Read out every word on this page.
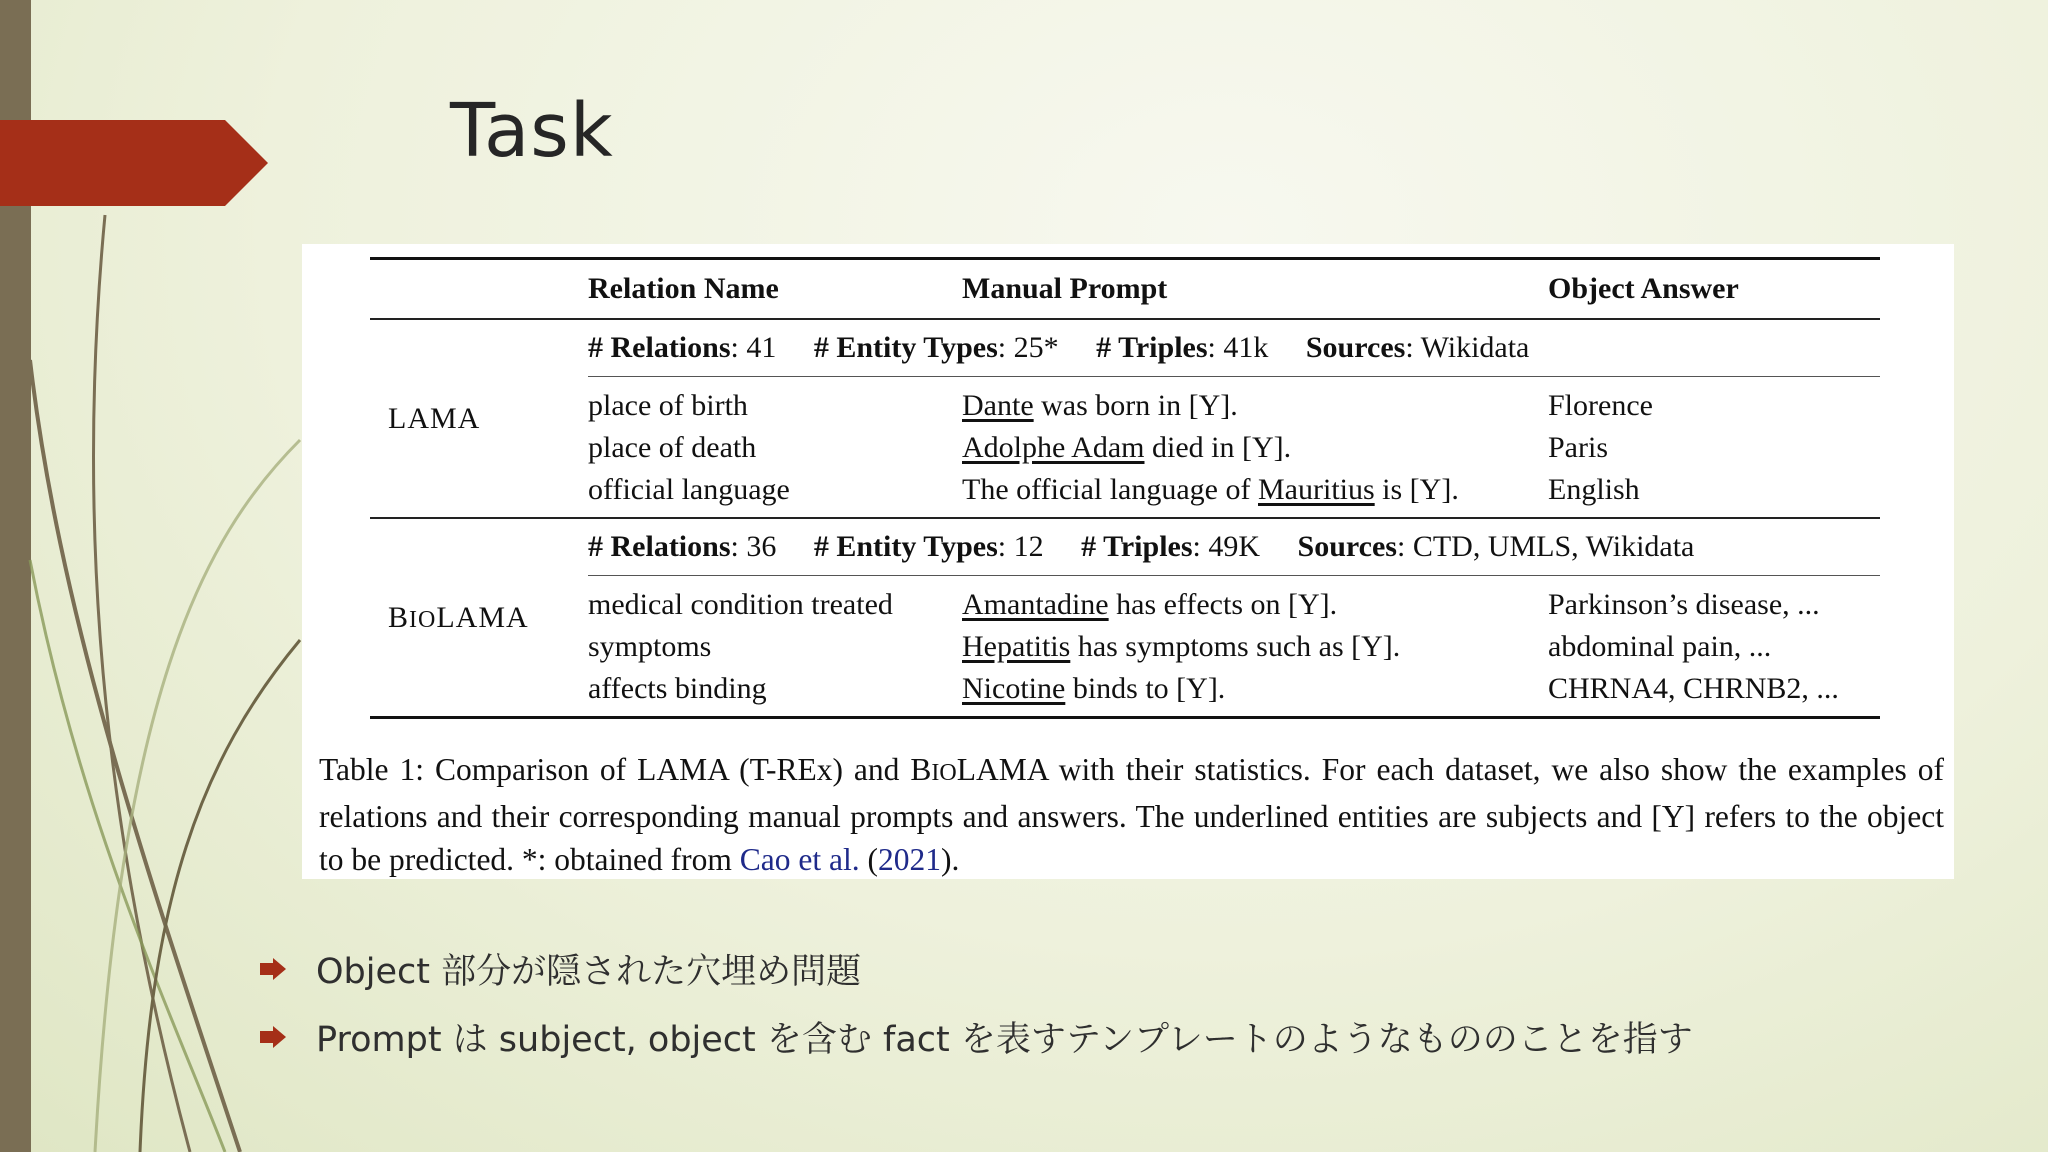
Task
	Relation Name	Manual Prompt	Object Answer
LAMA	# Relations: 41 # Entity Types: 25* # Triples: 41k Sources: Wikidata		
	place of birth	Dante was born in [Y].	Florence
	place of death	Adolphe Adam died in [Y].	Paris
	official language	The official language of Mauritius is [Y].	English
BIOLAMA	# Relations: 36 # Entity Types: 12 # Triples: 49K Sources: CTD, UMLS, Wikidata		
	medical condition treated	Amantadine has effects on [Y].	Parkinson’s disease, ...
	symptoms	Hepatitis has symptoms such as [Y].	abdominal pain, ...
	affects binding	Nicotine binds to [Y].	CHRNA4, CHRNB2, ...

Table 1: Comparison of LAMA (T-REx) and BIOLAMA with their statistics. For each dataset, we also show the examples of relations and their corresponding manual prompts and answers. The underlined entities are subjects and [Y] refers to the object to be predicted. *: obtained from Cao et al. (2021).

Object 部分が隠された穴埋め問題
Prompt は subject, object を含む fact を表すテンプレートのようなもののことを指す
